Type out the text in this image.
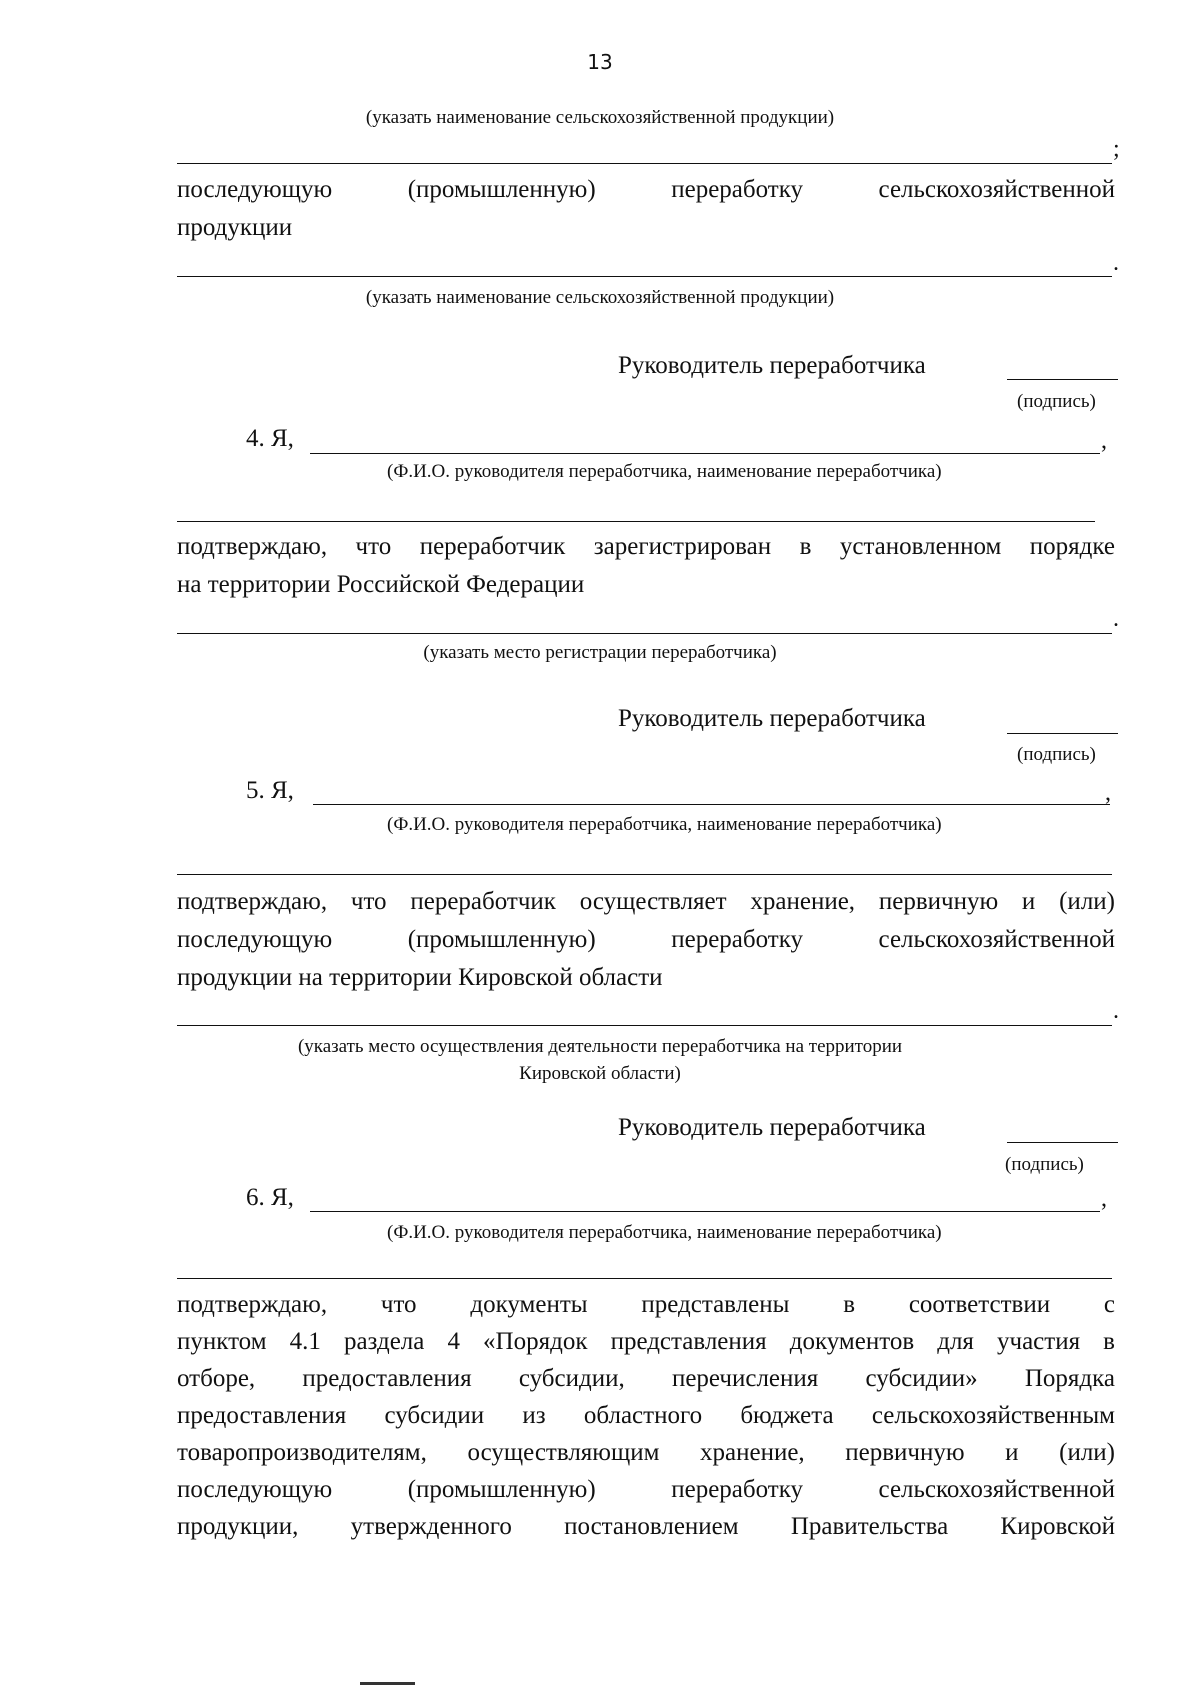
13
(указать наименование сельскохозяйственной продукции)
;
последующую (промышленную) переработку сельскохозяйственной
продукции
.
(указать наименование сельскохозяйственной продукции)
Руководитель переработчика
(подпись)
4. Я,	,
(Ф.И.О. руководителя переработчика, наименование переработчика)
подтверждаю, что переработчик зарегистрирован в установленном порядке
на территории Российской Федерации
.
(указать место регистрации переработчика)
Руководитель переработчика
(подпись)
5. Я,	,
(Ф.И.О. руководителя переработчика, наименование переработчика)
подтверждаю, что переработчик осуществляет хранение, первичную и (или)
последующую (промышленную) переработку сельскохозяйственной
продукции на территории Кировской области
.
(указать место осуществления деятельности переработчика на территории
Кировской области)
Руководитель переработчика
(подпись)
6. Я,	,
(Ф.И.О. руководителя переработчика, наименование переработчика)
подтверждаю, что документы представлены в соответствии с
пунктом 4.1 раздела 4 «Порядок представления документов для участия в
отборе, предоставления субсидии, перечисления субсидии» Порядка
предоставления субсидии из областного бюджета сельскохозяйственным
товаропроизводителям, осуществляющим хранение, первичную и (или)
последующую (промышленную) переработку сельскохозяйственной
продукции, утвержденного постановлением Правительства Кировской
